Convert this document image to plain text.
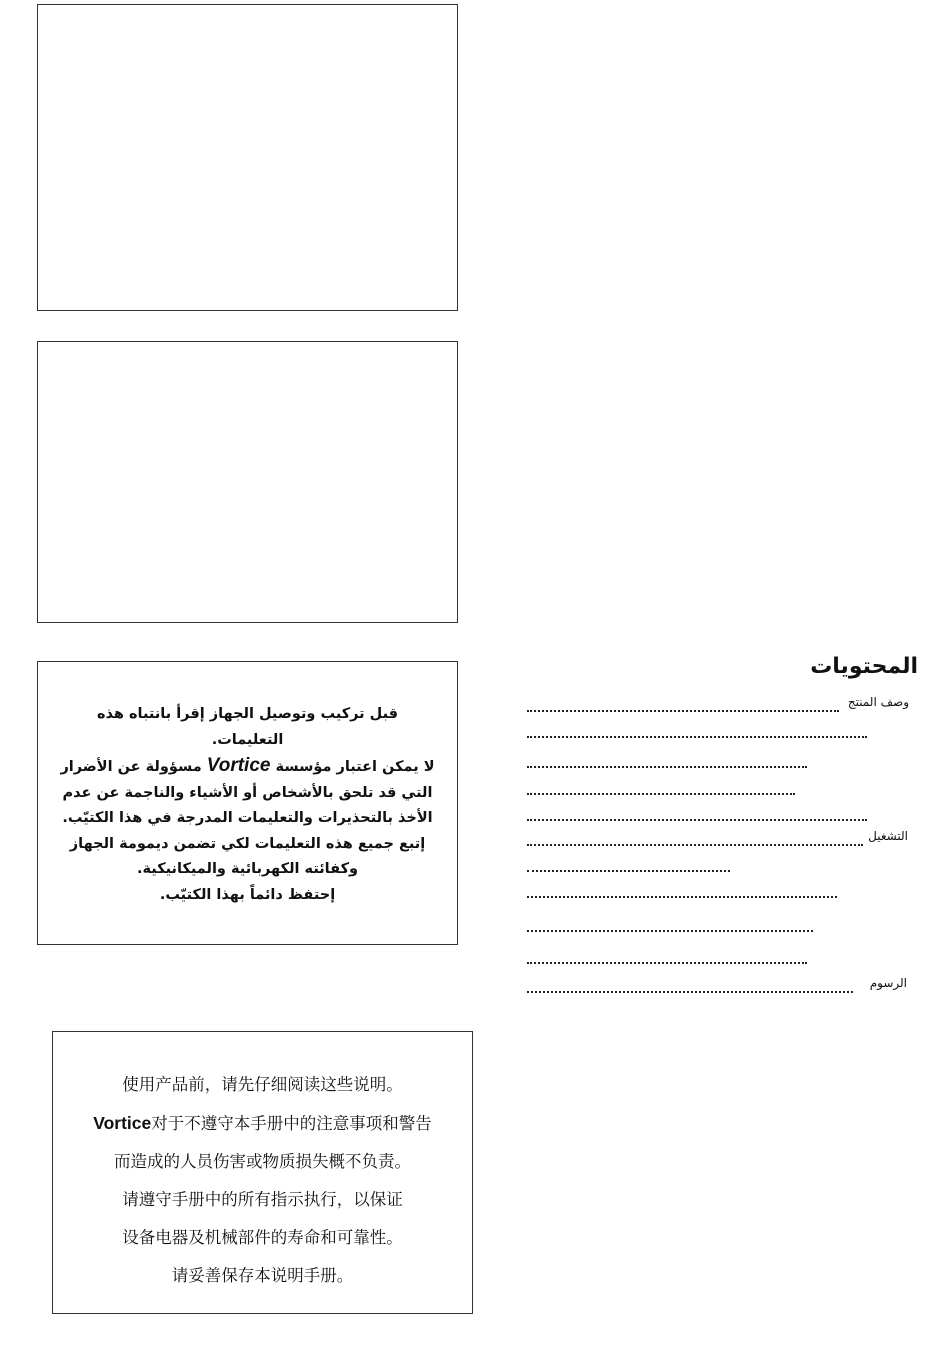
قبل تركيب وتوصيل الجهاز إقرأ بانتباه هذه
التعليمات.
لا يمكن اعتبار مؤسسة Vortice مسؤولة عن الأضرار
التي قد تلحق بالأشخاص أو الأشياء والناجمة عن عدم
الأخذ بالتحذيرات والتعليمات المدرجة في هذا الكتيّب.
إتبع جميع هذه التعليمات لكي تضمن ديمومة الجهاز
وكفائته الكهربائية والميكانيكية.
إحتفظ دائماً بهذا الكتيّب.
使用产品前，请先仔细阅读这些说明。
Vortice对于不遵守本手册中的注意事项和警告
而造成的人员伤害或物质损失概不负责。
请遵守手册中的所有指示执行，以保证
设备电器及机械部件的寿命和可靠性。
请妥善保存本说明手册。
المحتويات
وصف المنتج
التشغيل
الرسوم
